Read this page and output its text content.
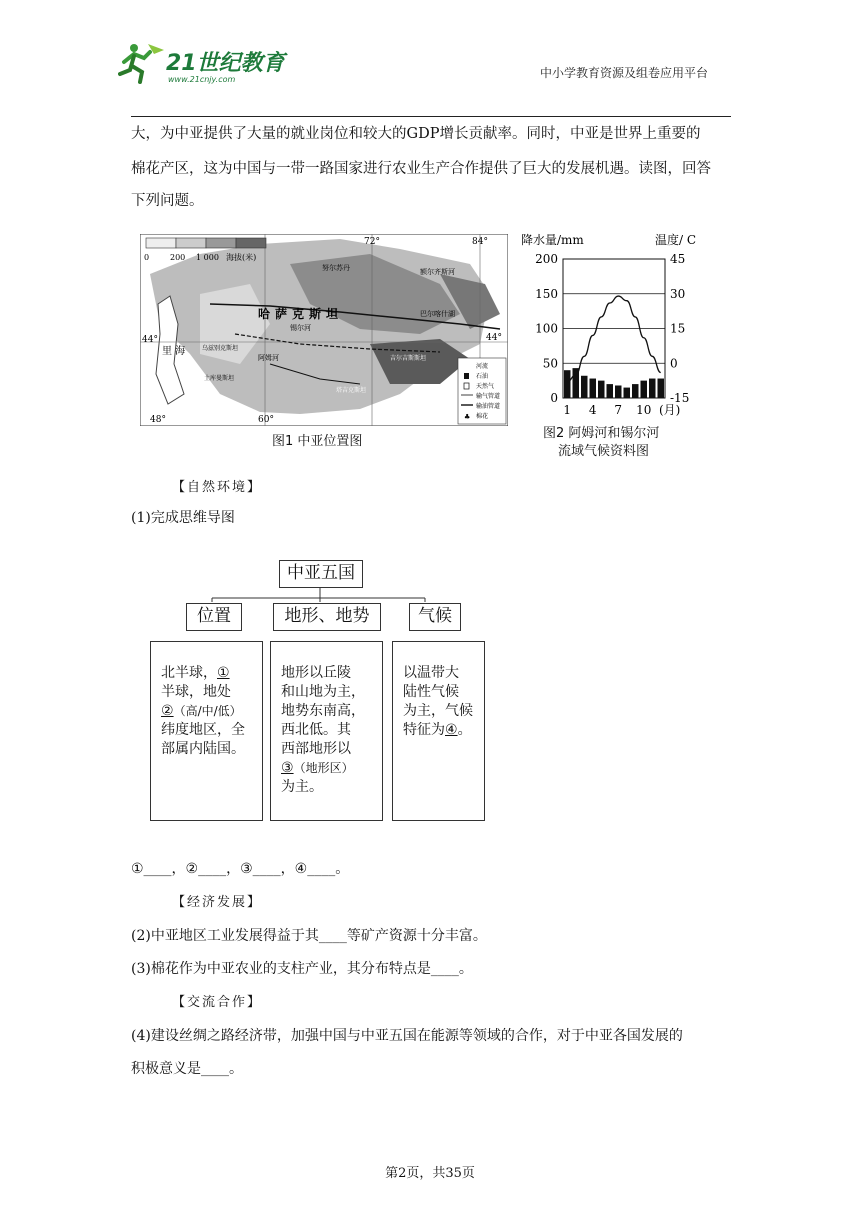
21世纪教育
www.21cnjy.com	中小学教育资源及组卷应用平台
大，为中亚提供了大量的就业岗位和较大的GDP增长贡献率。同时，中亚是世界上重要的
棉花产区，这为中国与一带一路国家进行农业生产合作提供了巨大的发展机遇。读图，回答
下列问题。
0	200 1 000 海拔(米)
哈萨克斯坦
乌兹别克斯坦
土库曼斯坦
塔吉克斯坦
吉尔吉斯斯坦
里 海
阿姆河
锡尔河
额尔齐斯河
巴尔喀什湖
努尔苏丹
72°	84°
44°	44°
48°	60°
河流
石油
天然气
输气管道
输油管道
棉花
♣
图1 中亚位置图
降水量/mm	温度/ C
200
150
100
50
0
45
30
15
0
-15
1 4 7 10 (月)
图2 阿姆河和锡尔河
流域气候资料图
【自然环境】
(1)完成思维导图
中亚五国
位置	地形、地势	气候
北半球，①
半球，地处
②（高/中/低）
纬度地区，全
部属内陆国。
地形以丘陵
和山地为主，
地势东南高，
西北低。其
西部地形以
③（地形区）
为主。
以温带大
陆性气候
为主，气候
特征为④。
①____，②____，③____，④____。
【经济发展】
(2)中亚地区工业发展得益于其____等矿产资源十分丰富。
(3)棉花作为中亚农业的支柱产业，其分布特点是____。
【交流合作】
(4)建设丝绸之路经济带，加强中国与中亚五国在能源等领域的合作，对于中亚各国发展的
积极意义是____。
第2页，共35页
